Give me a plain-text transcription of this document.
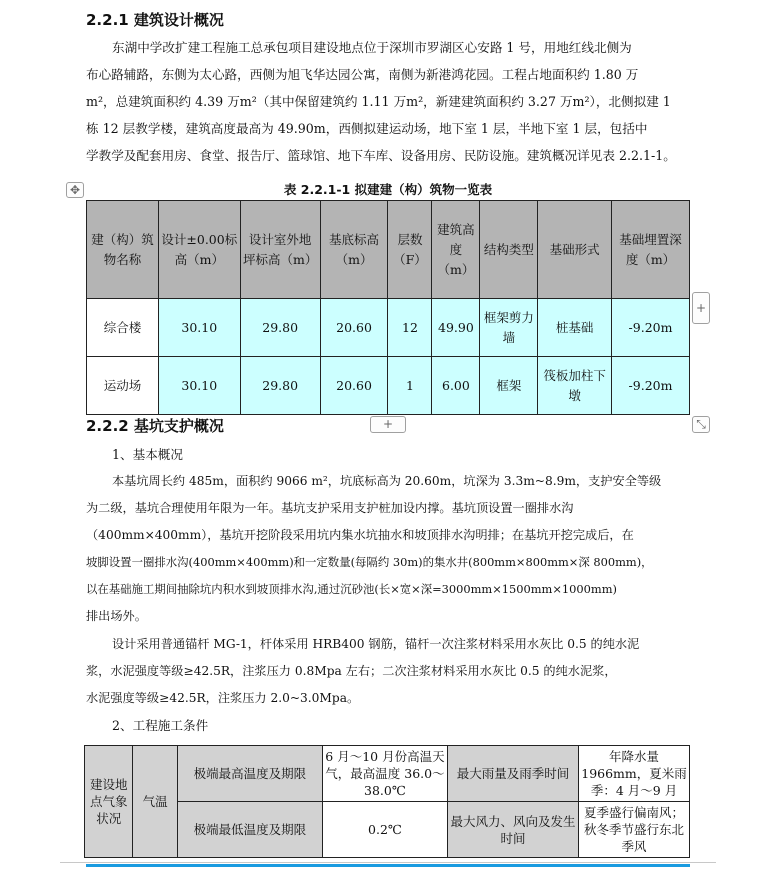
2.2.1 建筑设计概况
东湖中学改扩建工程施工总承包项目建设地点位于深圳市罗湖区心安路 1 号，用地红线北侧为
布心路辅路，东侧为太心路，西侧为旭飞华达园公寓，南侧为新港鸿花园。工程占地面积约 1.80 万
m²，总建筑面积约 4.39 万m²（其中保留建筑约 1.11 万m²，新建建筑面积约 3.27 万m²），北侧拟建 1
栋 12 层教学楼，建筑高度最高为 49.90m，西侧拟建运动场，地下室 1 层，半地下室 1 层，包括中
学教学及配套用房、食堂、报告厅、篮球馆、地下车库、设备用房、民防设施。建筑概况详见表 2.2.1-1。
✥	表 2.2.1-1 拟建建（构）筑物一览表
建（构）筑物名称	设计±0.00标高（m）	设计室外地坪标高（m）	基底标高（m）	层数（F）	建筑高度（m）	结构类型	基础形式	基础埋置深度（m）
综合楼	30.10	29.80	20.60	12	49.90	框架剪力墙	桩基础	-9.20m
运动场	30.10	29.80	20.60	1	6.00	框架	筏板加柱下墩	-9.20m
+
+	⤡
2.2.2 基坑支护概况
1、基本概况
本基坑周长约 485m，面积约 9066 m²，坑底标高为 20.60m，坑深为 3.3m~8.9m，支护安全等级
为二级，基坑合理使用年限为一年。基坑支护采用支护桩加设内撑。基坑顶设置一圈排水沟
（400mm×400mm），基坑开挖阶段采用坑内集水坑抽水和坡顶排水沟明排；在基坑开挖完成后，在
坡脚设置一圈排水沟(400mm×400mm)和一定数量(每隔约 30m)的集水井(800mm×800mm×深 800mm)，
以在基础施工期间抽除坑内积水到坡顶排水沟,通过沉砂池(长×宽×深=3000mm×1500mm×1000mm)
排出场外。
设计采用普通锚杆 MG-1，杆体采用 HRB400 钢筋，锚杆一次注浆材料采用水灰比 0.5 的纯水泥
浆，水泥强度等级≥42.5R，注浆压力 0.8Mpa 左右；二次注浆材料采用水灰比 0.5 的纯水泥浆，
水泥强度等级≥42.5R，注浆压力 2.0~3.0Mpa。
2、工程施工条件
建设地点气象状况	气温	极端最高温度及期限	6 月～10 月份高温天气，最高温度 36.0～38.0℃	最大雨量及雨季时间	年降水量 1966mm，夏米雨季：4 月～9 月
		极端最低温度及期限	0.2℃	最大风力、风向及发生时间	夏季盛行偏南风；秋冬季节盛行东北季风
